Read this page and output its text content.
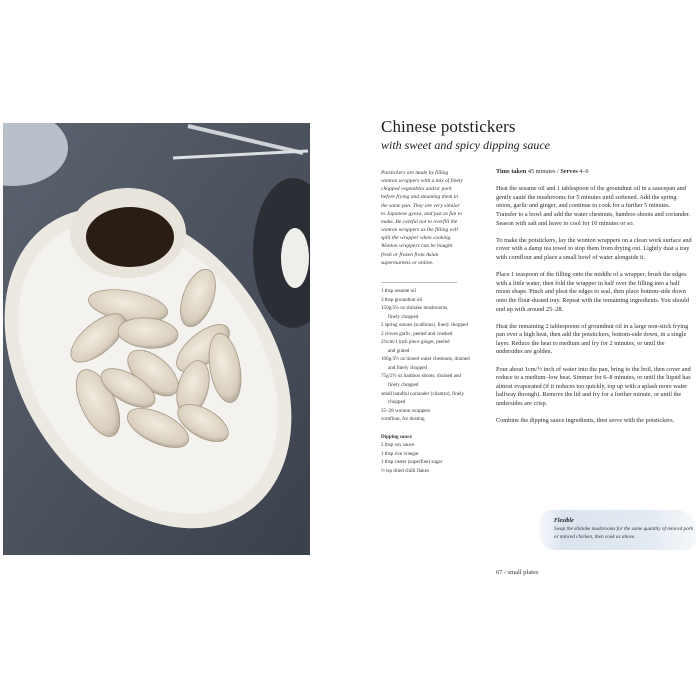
Chinese potstickers
with sweet and spicy dipping sauce
Potstickers are made by filling wonton wrappers with a mix of finely chopped vegetables and/or pork before frying and steaming them in the same pan. They are very similar to Japanese gyoza, and just as fun to make. Be careful not to overfill the wonton wrappers as the filling will split the wrapper when cooking. Wonton wrappers can be bought fresh or frozen from Asian supermarkets or online.
1 tbsp sesame oil
3 tbsp groundnut oil
150g/5¼ oz shiitake mushrooms,
finely chopped
2 spring onions (scallions), finely chopped
2 cloves garlic, peeled and crushed
2½cm/1 inch piece ginger, peeled
and grated
100g/3½ oz tinned water chestnuts, drained
and finely chopped
75g/2½ oz bamboo shoots, drained and
finely chopped
small handful coriander (cilantro), finely
chopped
25–28 wonton wrappers
cornflour, for dusting
Dipping sauce
2 tbsp soy sauce
1 tbsp rice vinegar
1 tbsp caster (superfine) sugar
½ tsp dried chilli flakes

Time taken 45 minutes / Serves 4–6

Heat the sesame oil and 1 tablespoon of the groundnut oil in a saucepan and gently sauté the mushrooms for 5 minutes until softened. Add the spring onion, garlic and ginger, and continue to cook for a further 5 minutes. Transfer to a bowl and add the water chestnuts, bamboo shoots and coriander. Season with salt and leave to cool for 10 minutes or so.

To make the potstickers, lay the wonton wrappers on a clean work surface and cover with a damp tea towel to stop them from drying out. Lightly dust a tray with cornflour and place a small bowl of water alongside it.

Place 1 teaspoon of the filling onto the middle of a wrapper, brush the edges with a little water, then fold the wrapper in half over the filling into a half moon shape. Pinch and pleat the edges to seal, then place bottom-side down onto the flour-dusted tray. Repeat with the remaining ingredients. You should end up with around 25–28.

Heat the remaining 2 tablespoons of groundnut oil in a large non-stick frying pan over a high heat, then add the potstickers, bottom-side down, in a single layer. Reduce the heat to medium and fry for 2 minutes, or until the undersides are golden.

Pour about 1cm/½ inch of water into the pan, bring to the boil, then cover and reduce to a medium–low heat. Simmer for 6–8 minutes, or until the liquid has almost evaporated (if it reduces too quickly, top up with a splash more water halfway through). Remove the lid and fry for a further minute, or until the undersides are crisp.

Combine the dipping sauce ingredients, then serve with the potstickers.

Flexible
Swap the shiitake mushrooms for the same quantity of minced pork or minced chicken, then cook as above.
67 / small plates
